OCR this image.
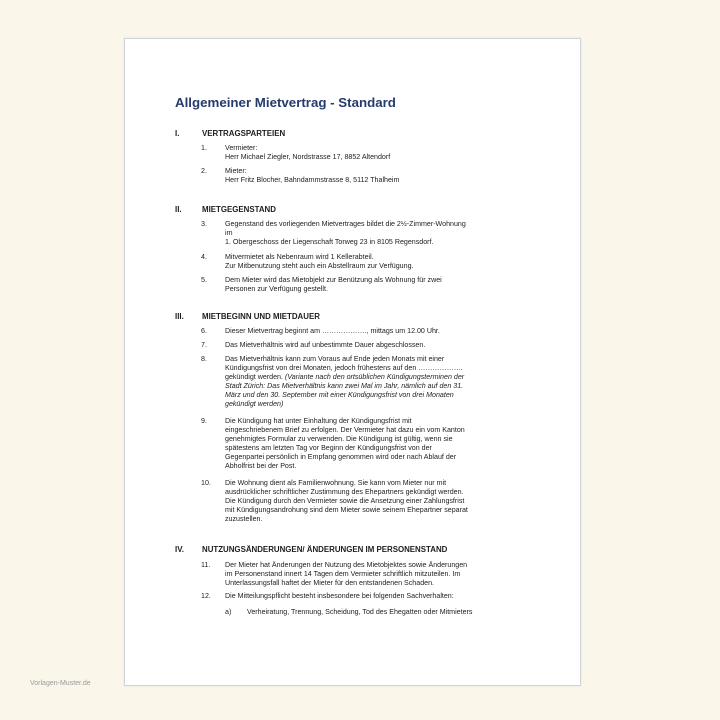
Allgemeiner Mietvertrag - Standard
I.	VERTRAGSPARTEIEN
1.	Vermieter:
Herr Michael Ziegler, Nordstrasse 17, 8852 Altendorf
2.	Mieter:
Herr Fritz Blocher, Bahndammstrasse 8, 5112 Thalheim
II.	MIETGEGENSTAND
3.	Gegenstand des vorliegenden Mietvertrages bildet die 2½-Zimmer-Wohnung
im
1. Obergeschoss der Liegenschaft Torweg 23 in 8105 Regensdorf.
4.	Mitvermietet als Nebenraum wird 1 Kellerabteil.
Zur Mitbenutzung steht auch ein Abstellraum zur Verfügung.
5.	Dem Mieter wird das Mietobjekt zur Benützung als Wohnung für zwei
Personen zur Verfügung gestellt.
III. MIETBEGINN UND MIETDAUER
6.	Dieser Mietvertrag beginnt am ………………., mittags um 12.00 Uhr.
7.	Das Mietverhältnis wird auf unbestimmte Dauer abgeschlossen.
8.	Das Mietverhältnis kann zum Voraus auf Ende jeden Monats mit einer
Kündigungsfrist von drei Monaten, jedoch frühestens auf den ……………….
gekündigt werden. (Variante nach den ortsüblichen Kündigungsterminen der
Stadt Zürich: Das Mietverhältnis kann zwei Mal im Jahr, nämlich auf den 31.
März und den 30. September mit einer Kündigungsfrist von drei Monaten
gekündigt werden)
9.	Die Kündigung hat unter Einhaltung der Kündigungsfrist mit
eingeschriebenem Brief zu erfolgen. Der Vermieter hat dazu ein vom Kanton
genehmigtes Formular zu verwenden. Die Kündigung ist gültig, wenn sie
spätestens am letzten Tag vor Beginn der Kündigungsfrist von der
Gegenpartei persönlich in Empfang genommen wird oder nach Ablauf der
Abholfrist bei der Post.
10. Die Wohnung dient als Familienwohnung. Sie kann vom Mieter nur mit
ausdrücklicher schriftlicher Zustimmung des Ehepartners gekündigt werden.
Die Kündigung durch den Vermieter sowie die Ansetzung einer Zahlungsfrist
mit Kündigungsandrohung sind dem Mieter sowie seinem Ehepartner separat
zuzustellen.
IV. NUTZUNGSÄNDERUNGEN/ ÄNDERUNGEN IM PERSONENSTAND
11. Der Mieter hat Änderungen der Nutzung des Mietobjektes sowie Änderungen
im Personenstand innert 14 Tagen dem Vermieter schriftlich mitzuteilen. Im
Unterlassungsfall haftet der Mieter für den entstandenen Schaden.
12. Die Mitteilungspflicht besteht insbesondere bei folgenden Sachverhalten:
a) Verheiratung, Trennung, Scheidung, Tod des Ehegatten oder Mitmieters
Vorlagen-Muster.de
